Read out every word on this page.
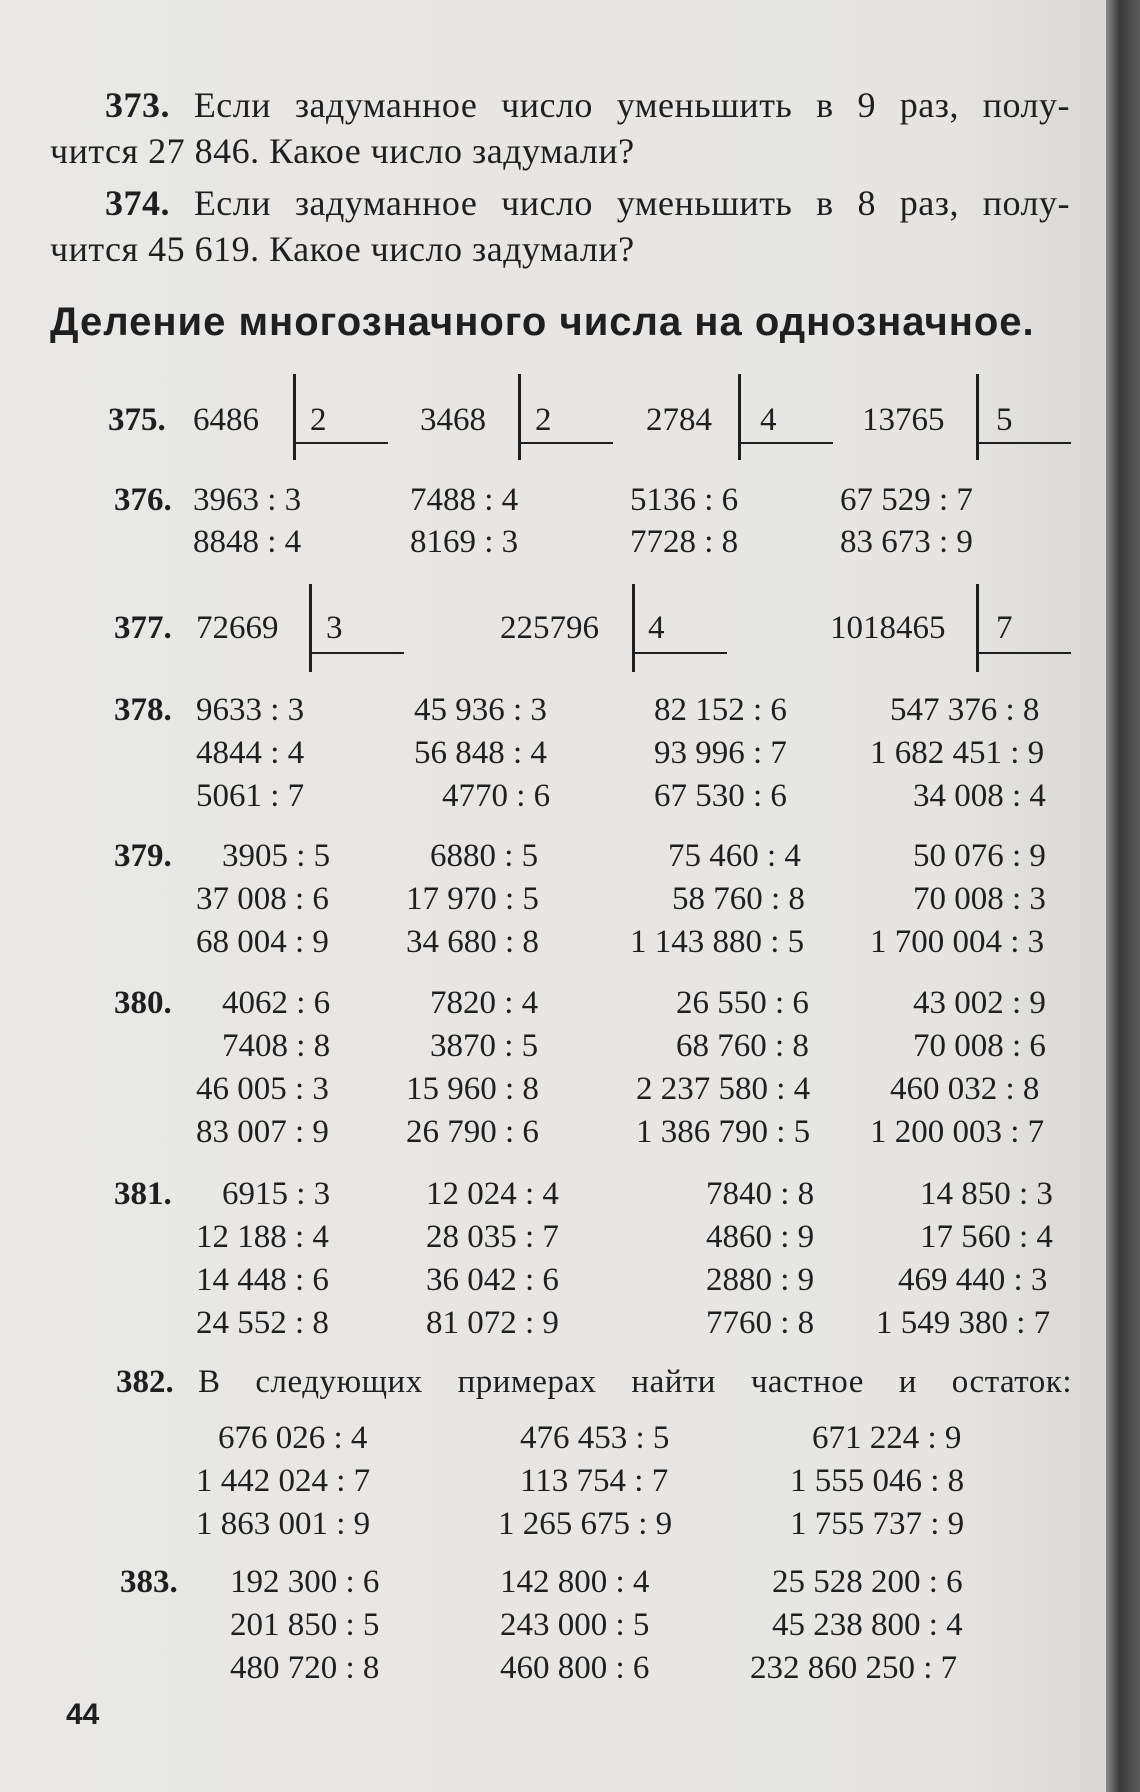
373. Если задуманное число уменьшить в 9 раз, полу-
чится 27 846. Какое число задумали?
374. Если задуманное число уменьшить в 8 раз, полу-
чится 45 619. Какое число задумали?
Деление многозначного числа на однозначное.
375. 6486 2	3468 2	2784 4	13765 5
376. 3963 : 3	7488 : 4	5136 : 6	67 529 : 7
8848 : 4	8169 : 3	7728 : 8	83 673 : 9
377. 72669 3	225796 4	1018465 7
378. 9633 : 3	45 936 : 3	82 152 : 6	547 376 : 8
4844 : 4	56 848 : 4	93 996 : 7	1 682 451 : 9
5061 : 7	4770 : 6	67 530 : 6	34 008 : 4
379. 3905 : 5	6880 : 5	75 460 : 4	50 076 : 9
37 008 : 6 17 970 : 5	58 760 : 8	70 008 : 3
68 004 : 9 34 680 : 8	1 143 880 : 5 1 700 004 : 3
380. 4062 : 6	7820 : 4	26 550 : 6	43 002 : 9
7408 : 8	3870 : 5	68 760 : 8	70 008 : 6
46 005 : 3 15 960 : 8	2 237 580 : 4 460 032 : 8
83 007 : 9 26 790 : 6	1 386 790 : 5 1 200 003 : 7
381. 6915 : 3	12 024 : 4	7840 : 8	14 850 : 3
12 188 : 4	28 035 : 7	4860 : 9	17 560 : 4
14 448 : 6	36 042 : 6	2880 : 9	469 440 : 3
24 552 : 8	81 072 : 9	7760 : 8 1 549 380 : 7
382. В следующих примерах найти частное и остаток:
676 026 : 4	476 453 : 5	671 224 : 9
1 442 024 : 7	113 754 : 7	1 555 046 : 8
1 863 001 : 9	1 265 675 : 9	1 755 737 : 9
383. 192 300 : 6	142 800 : 4	25 528 200 : 6
201 850 : 5	243 000 : 5	45 238 800 : 4
480 720 : 8	460 800 : 6	232 860 250 : 7
44
